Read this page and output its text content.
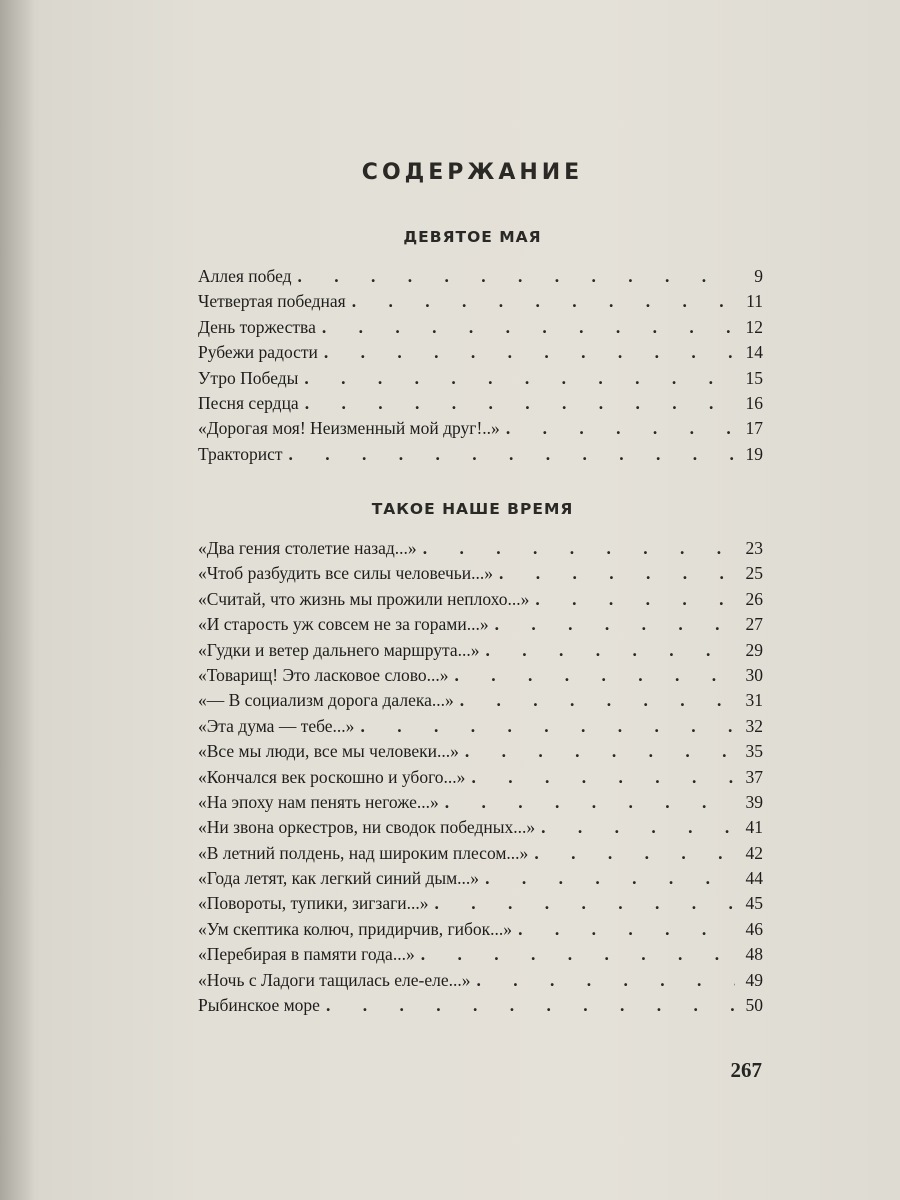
СОДЕРЖАНИЕ
ДЕВЯТОЕ МАЯ
Аллея побед . . .	9
Четвертая победная . . .	11
День торжества . . .	12
Рубежи радости . . .	14
Утро Победы . . .	15
Песня сердца . . .	16
«Дорогая моя! Неизменный мой друг!..» . . .	17
Тракторист . . .	19
ТАКОЕ НАШЕ ВРЕМЯ
«Два гения столетие назад...» . . .	23
«Чтоб разбудить все силы человечьи...» . . .	25
«Считай, что жизнь мы прожили неплохо...» . . .	26
«И старость уж совсем не за горами...» . . .	27
«Гудки и ветер дальнего маршрута...» . . .	29
«Товарищ! Это ласковое слово...» . . .	30
«— В социализм дорога далека...» . . .	31
«Эта дума — тебе...» . . .	32
«Все мы люди, все мы человеки...» . . .	35
«Кончался век роскошно и убого...» . . .	37
«На эпоху нам пенять негоже...» . . .	39
«Ни звона оркестров, ни сводок победных...» . . .	41
«В летний полдень, над широким плесом...» . . .	42
«Года летят, как легкий синий дым...» . . .	44
«Повороты, тупики, зигзаги...» . . .	45
«Ум скептика колюч, придирчив, гибок...» . . .	46
«Перебирая в памяти года...» . . .	48
«Ночь с Ладоги тащилась еле-еле...» . . .	49
Рыбинское море . . .	50
267
